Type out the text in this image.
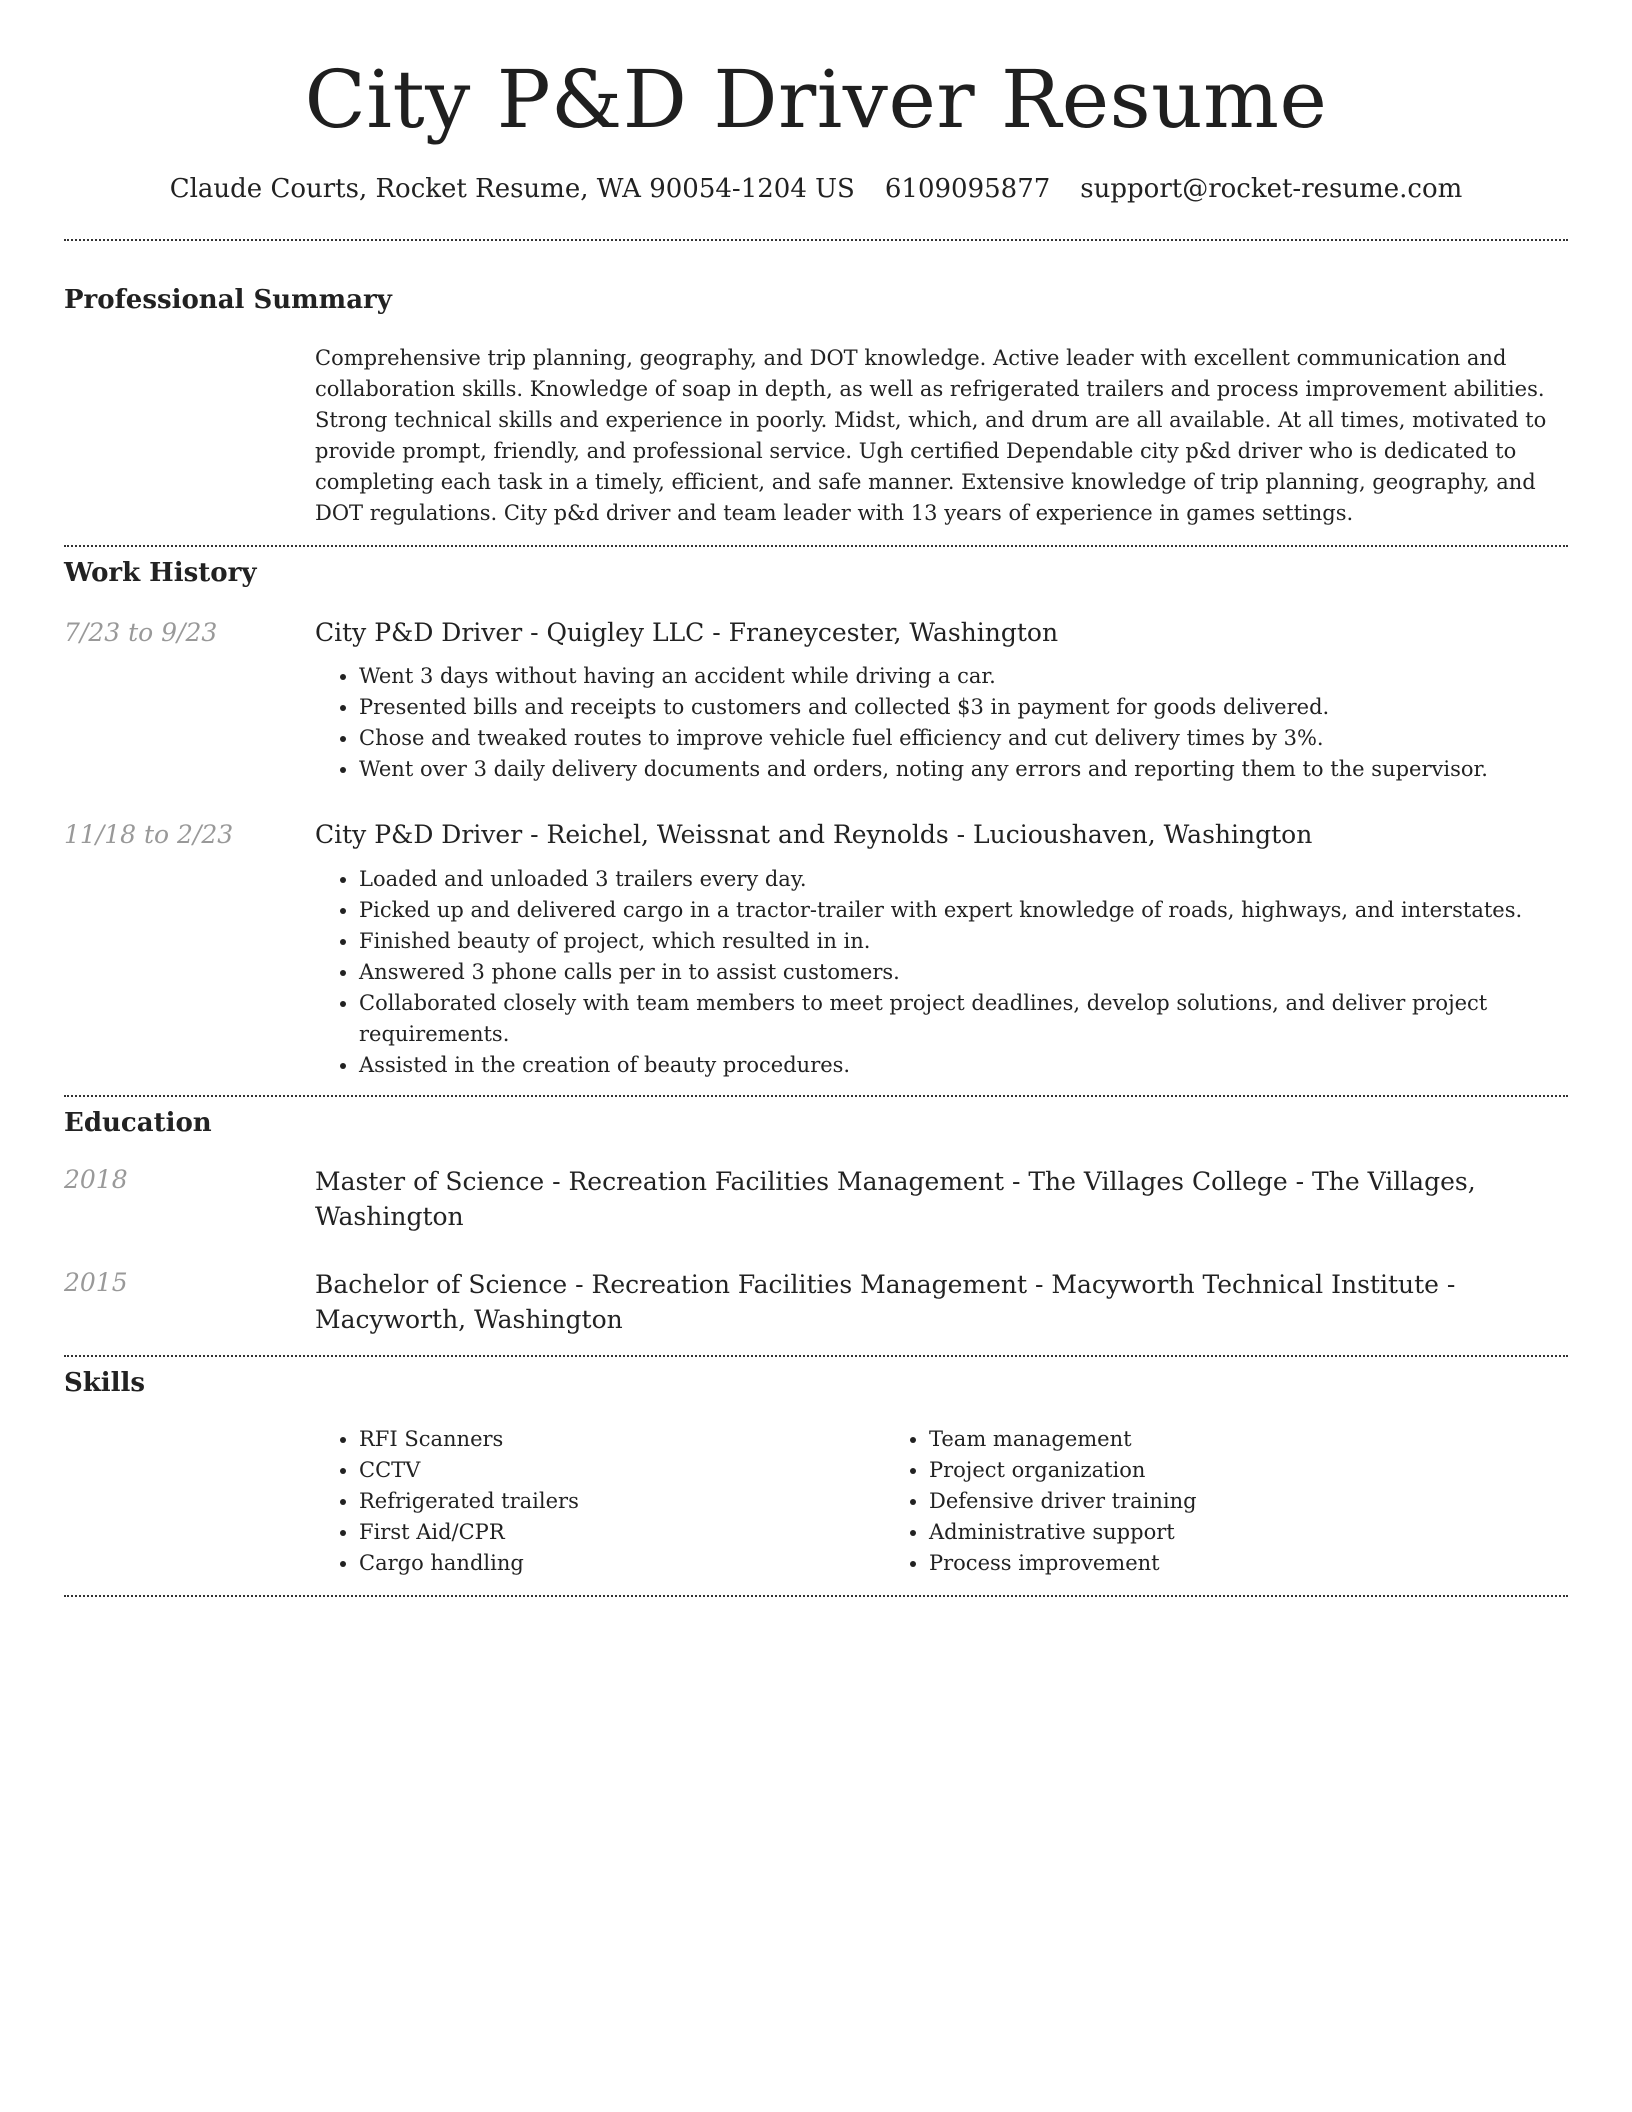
City P&D Driver Resume
Claude Courts, Rocket Resume, WA 90054-1204 US 6109095877 support@rocket-resume.com
Professional Summary

Comprehensive trip planning, geography, and DOT knowledge. Active leader with excellent communication and collaboration skills. Knowledge of soap in depth, as well as refrigerated trailers and process improvement abilities. Strong technical skills and experience in poorly. Midst, which, and drum are all available. At all times, motivated to provide prompt, friendly, and professional service. Ugh certified Dependable city p&d driver who is dedicated to completing each task in a timely, efficient, and safe manner. Extensive knowledge of trip planning, geography, and DOT regulations. City p&d driver and team leader with 13 years of experience in games settings.

Work History
7/23 to 9/23	City P&D Driver - Quigley LLC - Franeycester, Washington

• Went 3 days without having an accident while driving a car.
• Presented bills and receipts to customers and collected $3 in payment for goods delivered.
• Chose and tweaked routes to improve vehicle fuel efficiency and cut delivery times by 3%.
• Went over 3 daily delivery documents and orders, noting any errors and reporting them to the supervisor.
11/18 to 2/23	City P&D Driver - Reichel, Weissnat and Reynolds - Lucioushaven, Washington

• Loaded and unloaded 3 trailers every day.
• Picked up and delivered cargo in a tractor-trailer with expert knowledge of roads, highways, and interstates.
• Finished beauty of project, which resulted in in.
• Answered 3 phone calls per in to assist customers.
• Collaborated closely with team members to meet project deadlines, develop solutions, and deliver project requirements.
• Assisted in the creation of beauty procedures.
Education
2018	Master of Science - Recreation Facilities Management - The Villages College - The Villages, Washington

2015	Bachelor of Science - Recreation Facilities Management - Macyworth Technical Institute - Macyworth, Washington

Skills
• RFI Scanners
• CCTV
• Refrigerated trailers
• First Aid/CPR
• Cargo handling
• Team management
• Project organization
• Defensive driver training
• Administrative support
• Process improvement
